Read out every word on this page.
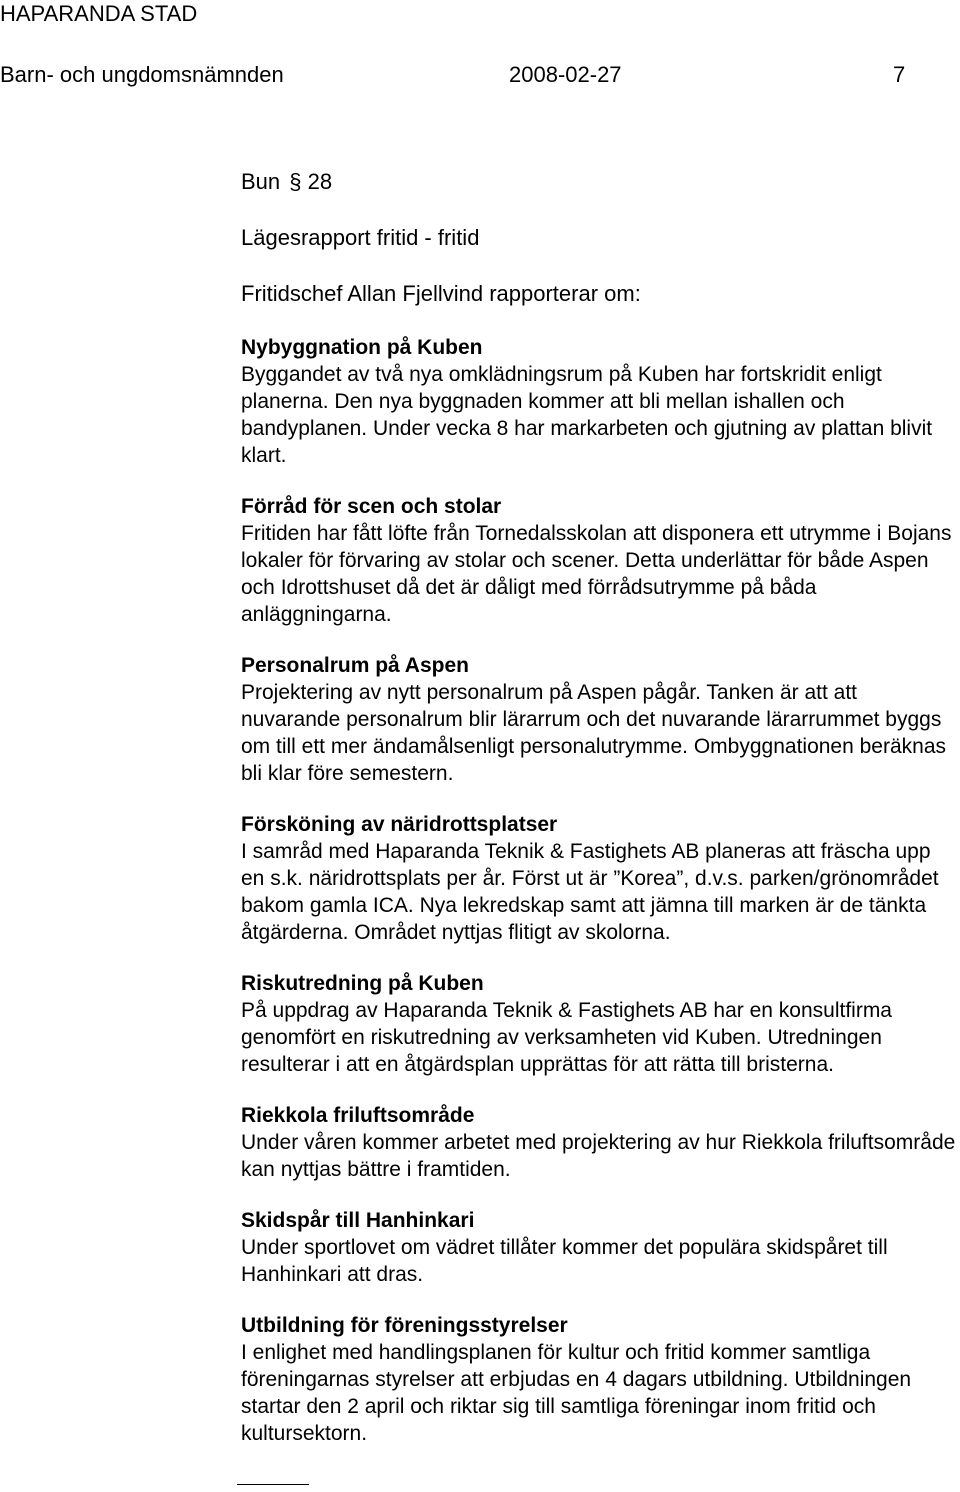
HAPARANDA STAD
Barn- och ungdomsnämnden	2008-02-27	7
Bun § 28
Lägesrapport fritid - fritid
Fritidschef Allan Fjellvind rapporterar om:
Nybyggnation på Kuben

Byggandet av två nya omklädningsrum på Kuben har fortskridit enligt planerna. Den nya byggnaden kommer att bli mellan ishallen och bandyplanen. Under vecka 8 har markarbeten och gjutning av plattan blivit klart.

Förråd för scen och stolar

Fritiden har fått löfte från Tornedalsskolan att disponera ett utrymme i Bojans lokaler för förvaring av stolar och scener. Detta underlättar för både Aspen och Idrottshuset då det är dåligt med förrådsutrymme på båda anläggningarna.

Personalrum på Aspen

Projektering av nytt personalrum på Aspen pågår. Tanken är att att nuvarande personalrum blir lärarrum och det nuvarande lärarrummet byggs om till ett mer ändamålsenligt personalutrymme. Ombyggnationen beräknas bli klar före semestern.

Försköning av näridrottsplatser

I samråd med Haparanda Teknik & Fastighets AB planeras att fräscha upp en s.k. näridrottsplats per år. Först ut är ”Korea”, d.v.s. parken/grönområdet bakom gamla ICA. Nya lekredskap samt att jämna till marken är de tänkta åtgärderna. Området nyttjas flitigt av skolorna.

Riskutredning på Kuben

På uppdrag av Haparanda Teknik & Fastighets AB har en konsultfirma genomfört en riskutredning av verksamheten vid Kuben. Utredningen resulterar i att en åtgärdsplan upprättas för att rätta till bristerna.

Riekkola friluftsområde

Under våren kommer arbetet med projektering av hur Riekkola friluftsområde kan nyttjas bättre i framtiden.

Skidspår till Hanhinkari

Under sportlovet om vädret tillåter kommer det populära skidspåret till Hanhinkari att dras.

Utbildning för föreningsstyrelser

I enlighet med handlingsplanen för kultur och fritid kommer samtliga föreningarnas styrelser att erbjudas en 4 dagars utbildning. Utbildningen startar den 2 april och riktar sig till samtliga föreningar inom fritid och kultursektorn.
